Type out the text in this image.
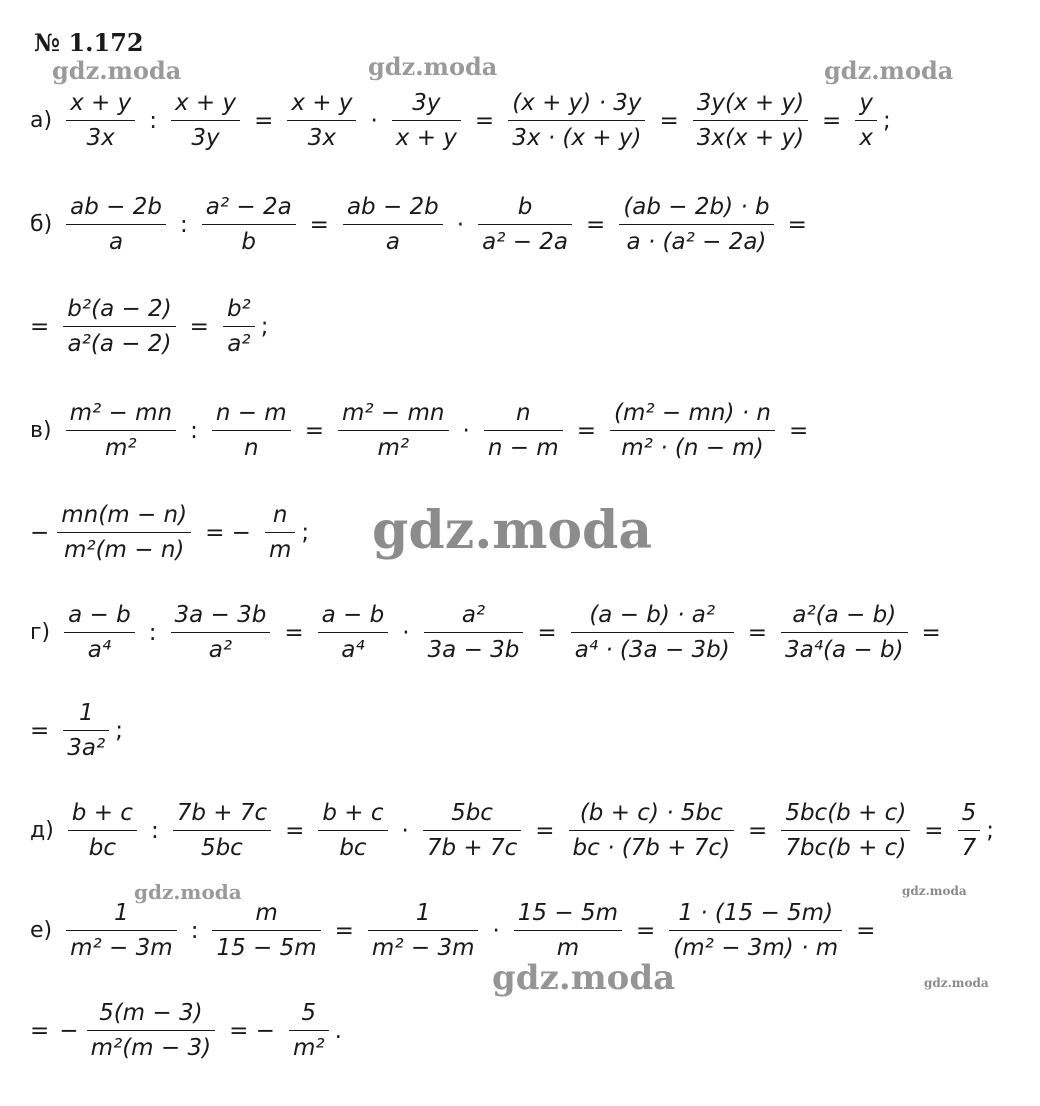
№ 1.172
gdz.moda	gdz.moda	gdz.moda
gdz.moda
gdz.moda	gdz.moda
gdz.moda	gdz.moda
$а) \frac{x + y}{3x}$ : $\frac{x + y}{3y} = \frac{x + y}{3x} \cdot \frac{3y}{x + y} = \frac{(x + y) \cdot 3y}{3x \cdot (x + y)} = \frac{3y(x + y)}{3x(x + y)} = \frac{y}{x}$ ;
$б) \frac{ab - 2b}{a}$ : $\frac{\text{a² − 2a}}{b} = \frac{ab - 2b}{a} \cdot \frac{b}{\text{a² − 2a}} = \frac{(ab - 2b) \cdot b}{\text{a · (a² − 2a)}}$ =
= $\frac{\text{b²(a − 2)}}{\text{a²(a − 2)}} = \frac{\text{b²}}{\text{a²}}$ ;
$в) \frac{\text{m² − mn}}{\text{m²}}$ : $\frac{n - m}{n} = \frac{\text{m² − mn}}{\text{m²}} \cdot \frac{n}{n - m} = \frac{\text{(m² − mn) · n}}{\text{m² · (n − m)}}$ =
− $\frac{mn(m - n)}{\text{m²(m − n)}}$ = − $\frac{n}{m}$ ;
$г) \frac{a - b}{\text{a⁴}}$ : $\frac{3a - 3b}{\text{a²}} = \frac{a - b}{\text{a⁴}} \cdot \frac{\text{a²}}{3a - 3b} = \frac{\text{(a − b) · a²}}{\text{a⁴ · (3a − 3b)}} = \frac{\text{a²(a − b)}}{\text{3a⁴(a − b)}}$ =
= $\frac{1}{\text{3a²}}$ ;
$д) \frac{b + c}{bc}$ : $\frac{7b + 7c}{5bc} = \frac{b + c}{bc} \cdot \frac{5bc}{7b + 7c} = \frac{(b + c) \cdot 5bc}{bc \cdot (7b + 7c)} = \frac{5bc(b + c)}{7bc(b + c)} = \frac{5}{7}$ ;
$е) \frac{1}{\text{m² − 3m}}$ : $\frac{m}{15 - 5m} = \frac{1}{\text{m² − 3m}} \cdot \frac{15 - 5m}{m} = \frac{1 \cdot (15 - 5m)}{\text{(m² − 3m) · m}}$ =
= − $\frac{5(m - 3)}{\text{m²(m − 3)}}$ = − $\frac{5}{\text{m²}}$ .
